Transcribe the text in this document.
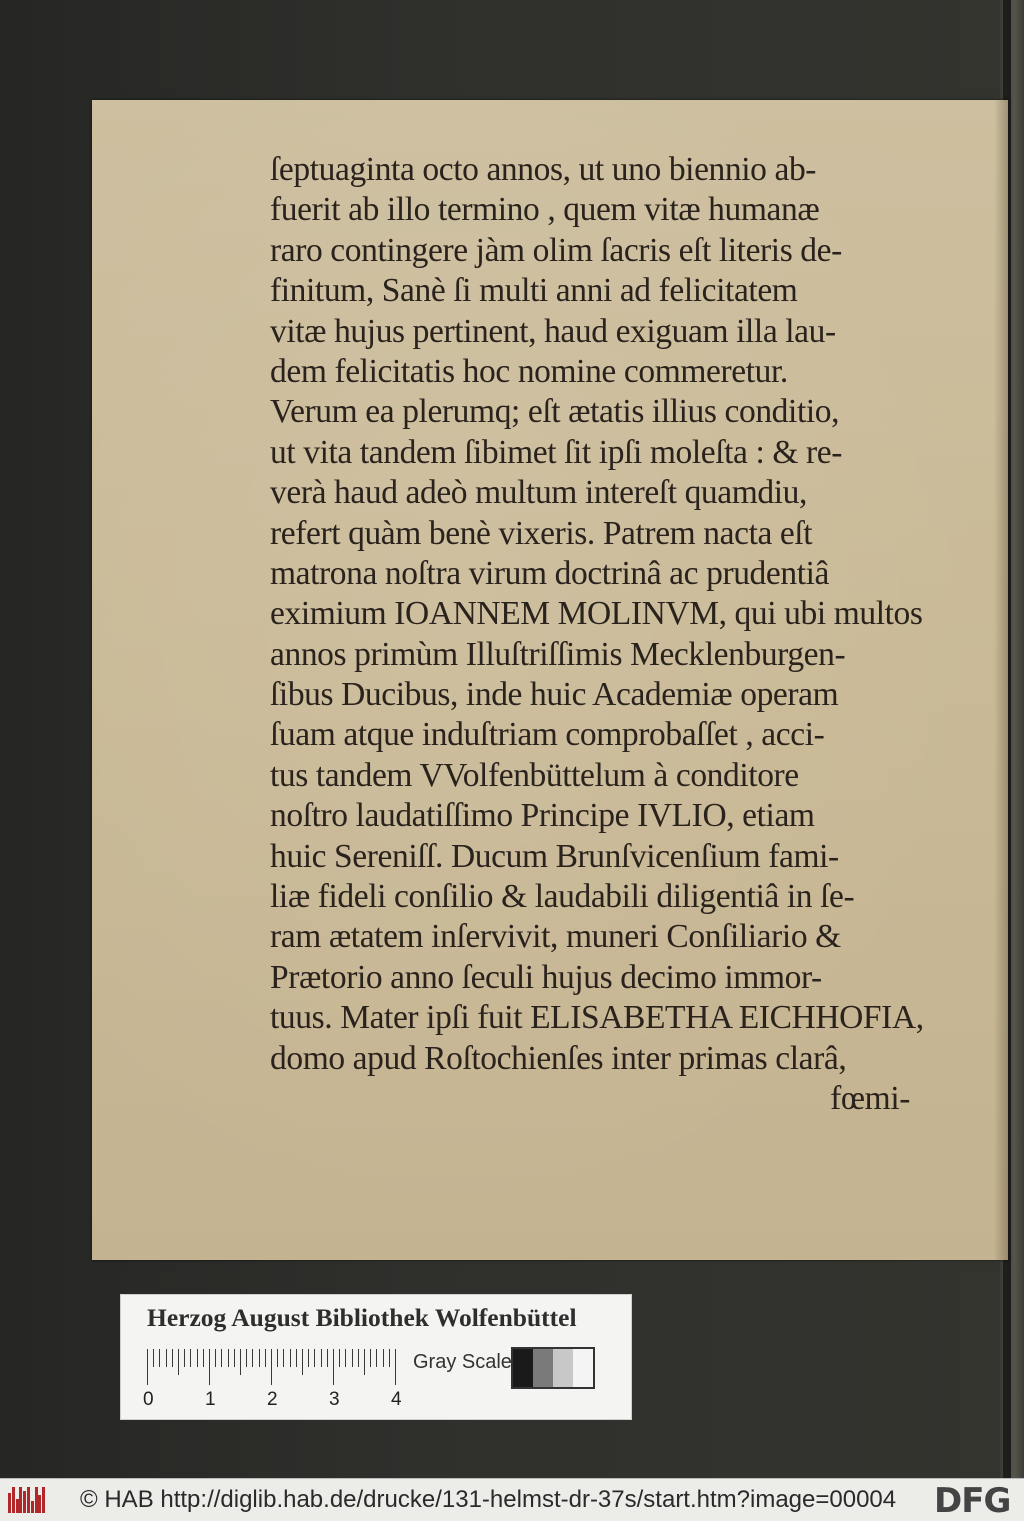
ſeptuaginta octo annos, ut uno biennio ab-
fuerit ab illo termino , quem vitæ humanæ
raro contingere jàm olim ſacris eſt literis de-
finitum, Sanè ſi multi anni ad felicitatem
vitæ hujus pertinent, haud exiguam illa lau-
dem felicitatis hoc nomine commeretur.
Verum ea plerumq; eſt ætatis illius conditio,
ut vita tandem ſibimet ſit ipſi moleſta : & re-
verà haud adeò multum intereſt quamdiu,
refert quàm benè vixeris. Patrem nacta eſt
matrona noſtra virum doctrinâ ac prudentiâ
eximium IOANNEM MOLINVM, qui ubi multos
annos primùm Illuſtriſſimis Mecklenburgen-
ſibus Ducibus, inde huic Academiæ operam
ſuam atque induſtriam comprobaſſet , acci-
tus tandem VVolfenbüttelum à conditore
noſtro laudatiſſimo Principe IVLIO, etiam
huic Sereniſſ. Ducum Brunſvicenſium fami-
liæ fideli conſilio & laudabili diligentiâ in ſe-
ram ætatem inſervivit, muneri Conſiliario &
Prætorio anno ſeculi hujus decimo immor-
tuus. Mater ipſi fuit ELISABETHA EICHHOFIA,
domo apud Roſtochienſes inter primas clarâ,
fœmi-
Herzog August Bibliothek Wolfenbüttel
0	1	2	3	4
Gray Scale
© HAB http://diglib.hab.de/drucke/131-helmst-dr-37s/start.htm?image=00004 DFG
